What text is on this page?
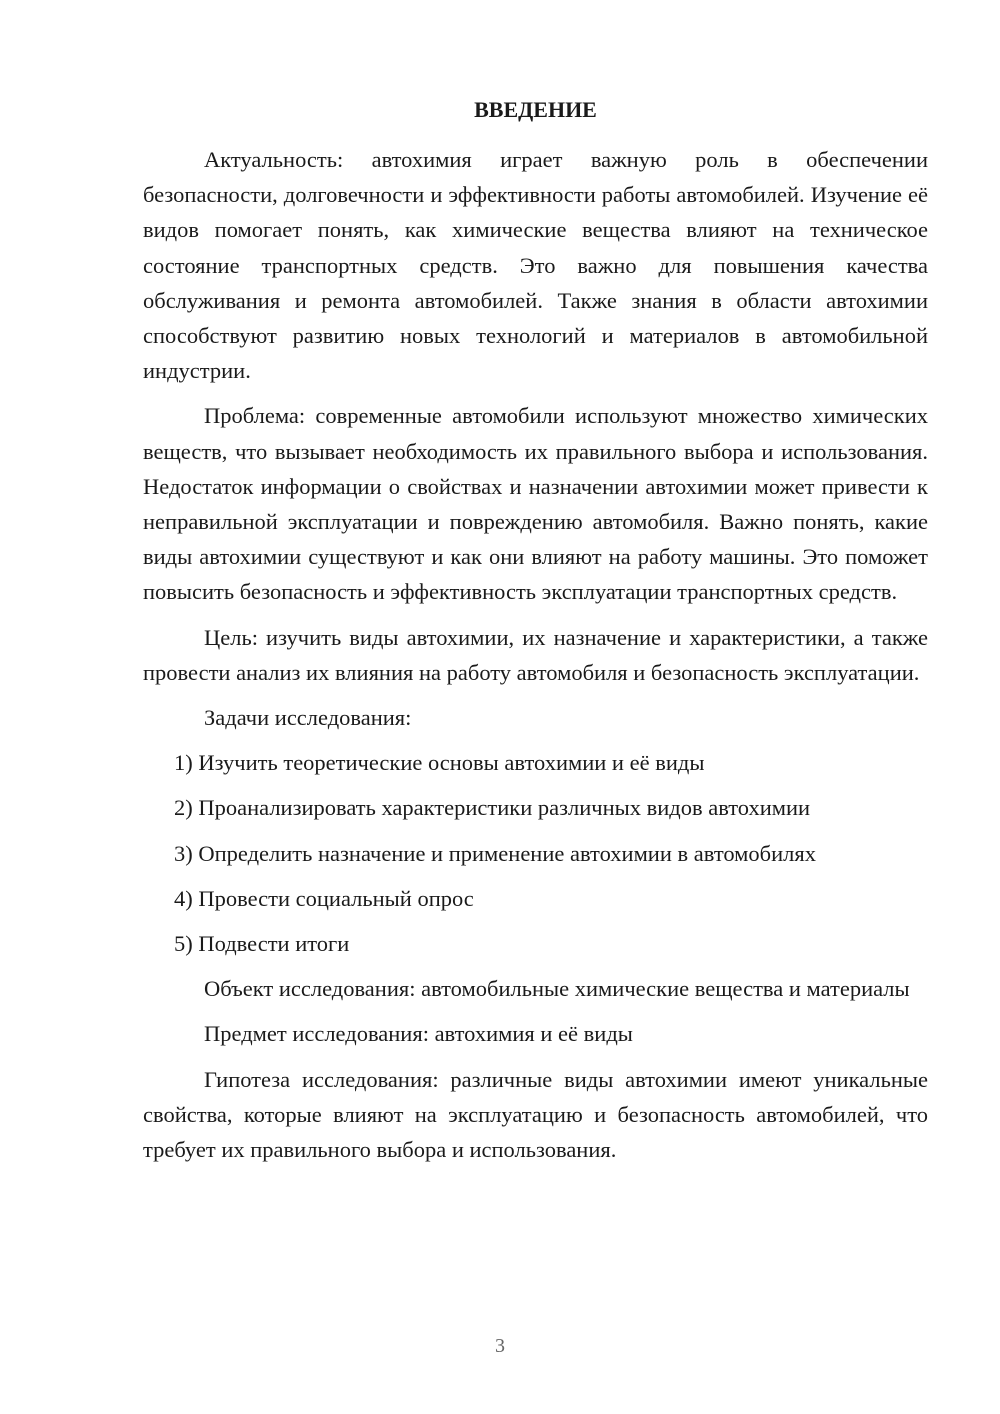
ВВЕДЕНИЕ

Актуальность: автохимия играет важную роль в обеспечении безопасности, долговечности и эффективности работы автомобилей. Изучение её видов помогает понять, как химические вещества влияют на техническое состояние транспортных средств. Это важно для повышения качества обслуживания и ремонта автомобилей. Также знания в области автохимии способствуют развитию новых технологий и материалов в автомобильной индустрии.

Проблема: современные автомобили используют множество химических веществ, что вызывает необходимость их правильного выбора и использования. Недостаток информации о свойствах и назначении автохимии может привести к неправильной эксплуатации и повреждению автомобиля. Важно понять, какие виды автохимии существуют и как они влияют на работу машины. Это поможет повысить безопасность и эффективность эксплуатации транспортных средств.

Цель: изучить виды автохимии, их назначение и характеристики, а также провести анализ их влияния на работу автомобиля и безопасность эксплуатации.

Задачи исследования:

1) Изучить теоретические основы автохимии и её виды

2) Проанализировать характеристики различных видов автохимии

3) Определить назначение и применение автохимии в автомобилях

4) Провести социальный опрос

5) Подвести итоги

Объект исследования: автомобильные химические вещества и материалы

Предмет исследования: автохимия и её виды

Гипотеза исследования: различные виды автохимии имеют уникальные свойства, которые влияют на эксплуатацию и безопасность автомобилей, что требует их правильного выбора и использования.

3
